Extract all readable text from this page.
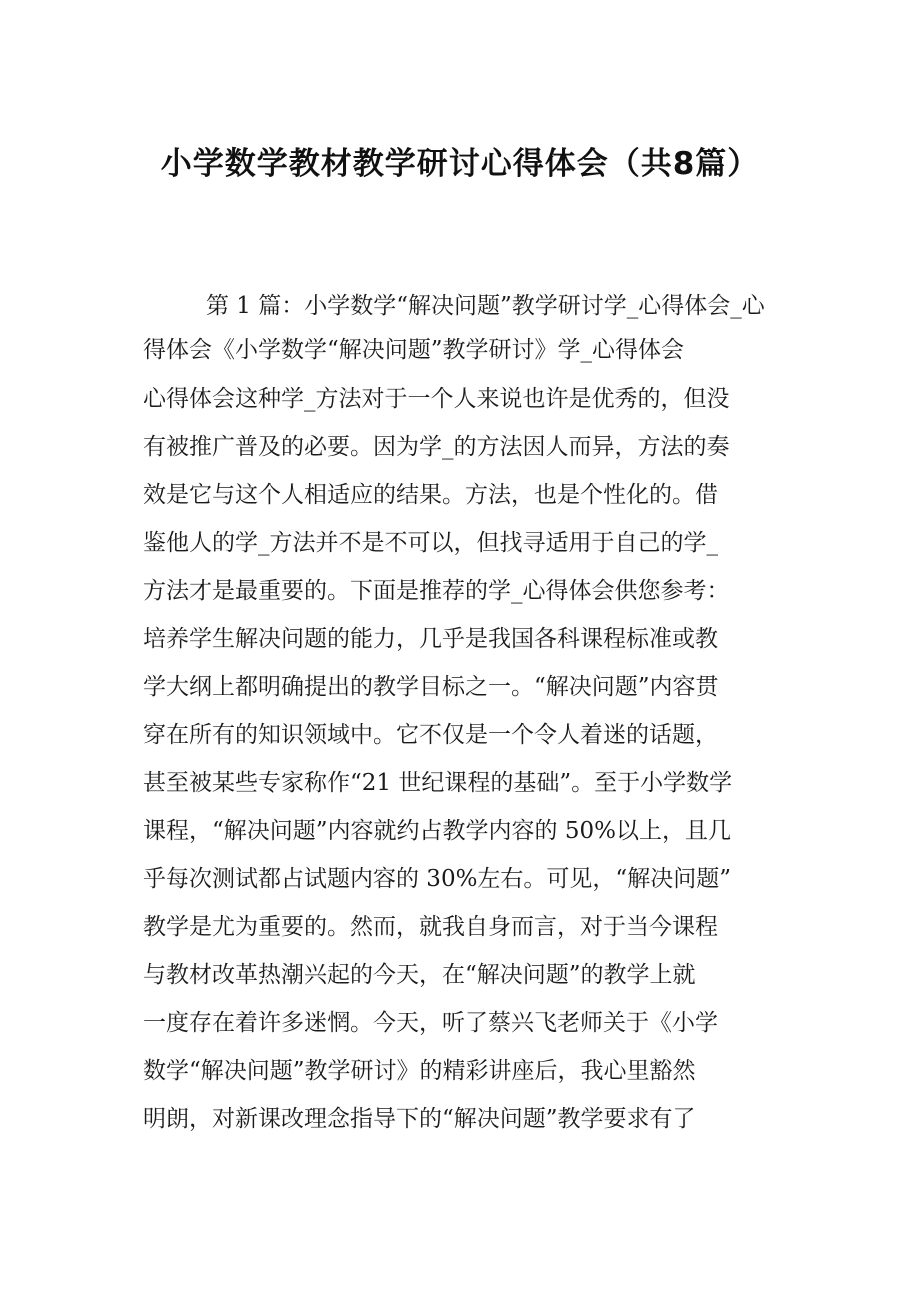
小学数学教材教学研讨心得体会（共8篇）

第 1 篇：小学数学“解决问题”教学研讨学_心得体会_心得体会《小学数学“解决问题”教学研讨》学_心得体会

心得体会这种学_方法对于一个人来说也许是优秀的，但没

有被推广普及的必要。因为学_的方法因人而异，方法的奏

效是它与这个人相适应的结果。方法，也是个性化的。借

鉴他人的学_方法并不是不可以，但找寻适用于自己的学_

方法才是最重要的。下面是推荐的学_心得体会供您参考：

培养学生解决问题的能力，几乎是我国各科课程标准或教

学大纲上都明确提出的教学目标之一。“解决问题”内容贯

穿在所有的知识领域中。它不仅是一个令人着迷的话题，

甚至被某些专家称作“21 世纪课程的基础”。至于小学数学

课程，“解决问题”内容就约占教学内容的 50%以上，且几

乎每次测试都占试题内容的 30%左右。可见，“解决问题”

教学是尤为重要的。然而，就我自身而言，对于当今课程

与教材改革热潮兴起的今天，在“解决问题”的教学上就

一度存在着许多迷惘。今天，听了蔡兴飞老师关于《小学

数学“解决问题”教学研讨》的精彩讲座后，我心里豁然

明朗，对新课改理念指导下的“解决问题”教学要求有了
